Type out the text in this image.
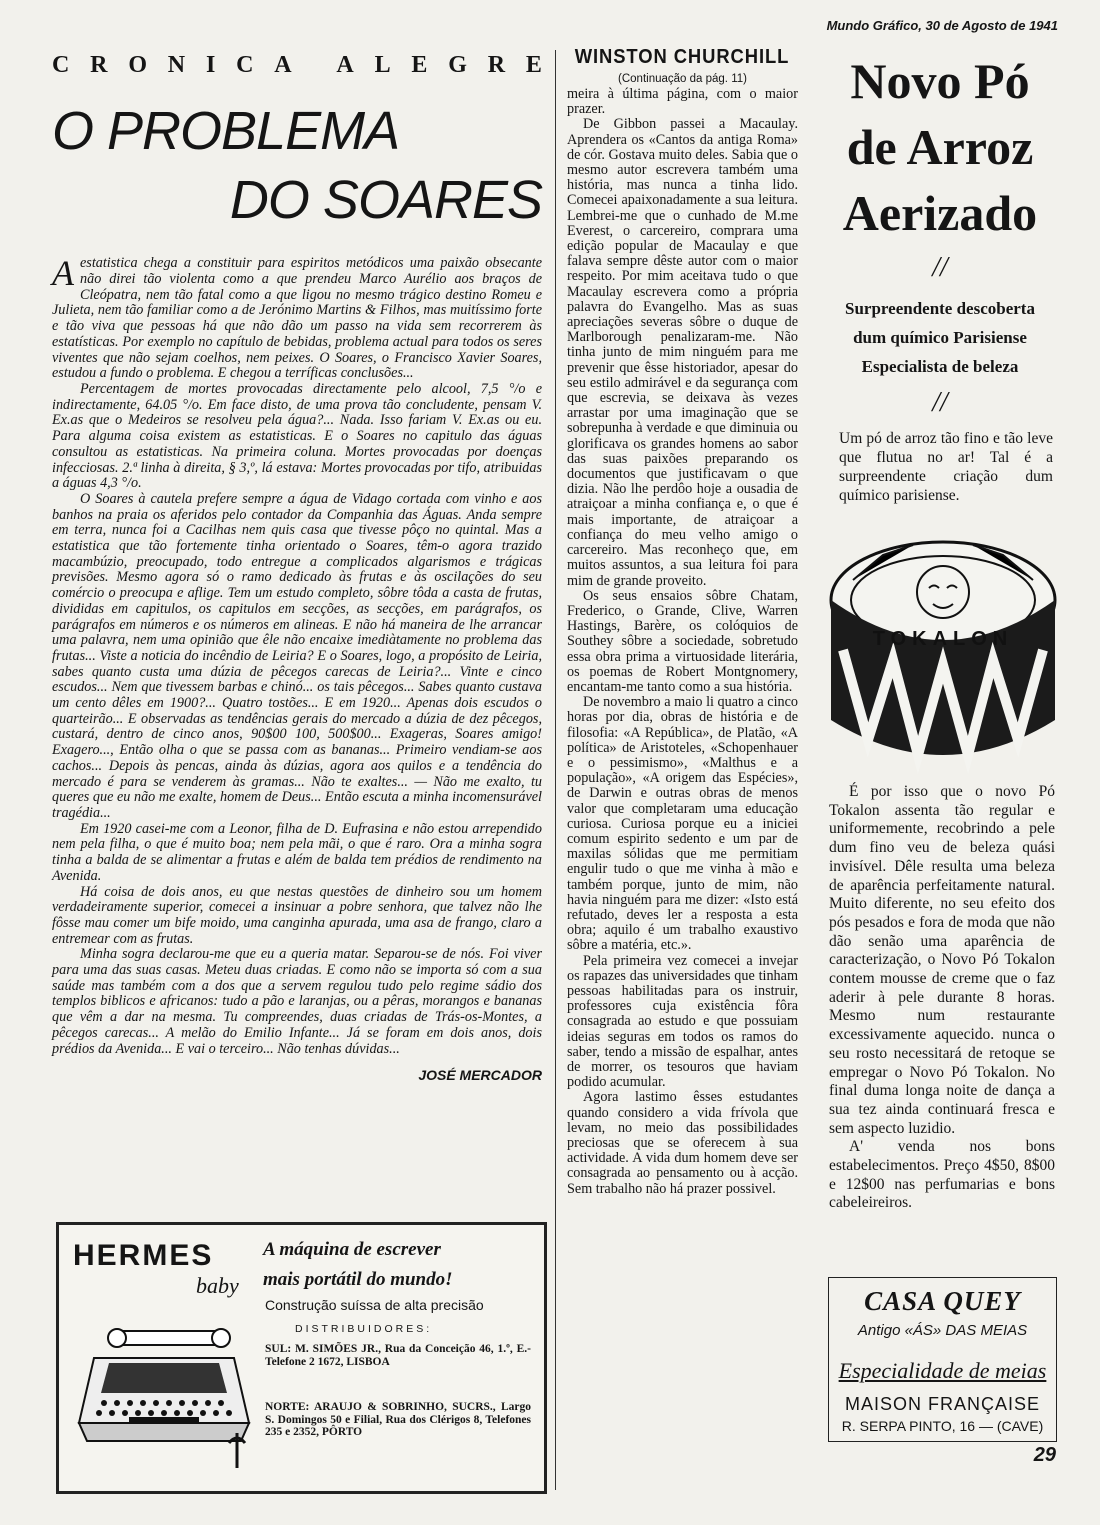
Mundo Gráfico, 30 de Agosto de 1941
C R O N I C A A L E G R E
O PROBLEMA
DO SOARES

A estatistica chega a constituir para espiritos metódicos uma paixão obsecante não direi tão violenta como a que prendeu Marco Aurélio aos braços de Cleópatra, nem tão fatal como a que ligou no mesmo trágico destino Romeu e Julieta, nem tão familiar como a de Jerónimo Martins & Filhos, mas muitíssimo forte e tão viva que pessoas há que não dão um passo na vida sem recorrerem às estatísticas. Por exemplo no capítulo de bebidas, problema actual para todos os seres viventes que não sejam coelhos, nem peixes. O Soares, o Francisco Xavier Soares, estudou a fundo o problema. E chegou a terríficas conclusões...

Percentagem de mortes provocadas directamente pelo alcool, 7,5 °/o e indirectamente, 64.05 °/o. Em face disto, de uma prova tão concludente, pensam V. Ex.as que o Medeiros se resolveu pela água?... Nada. Isso fariam V. Ex.as ou eu. Para alguma coisa existem as estatisticas. E o Soares no capitulo das águas consultou as estatisticas. Na primeira coluna. Mortes provocadas por doenças infecciosas. 2.ª linha à direita, § 3,º, lá estava: Mortes provocadas por tifo, atribuidas a águas 4,3 °/o.

O Soares à cautela prefere sempre a água de Vidago cortada com vinho e aos banhos na praia os aferidos pelo contador da Companhia das Águas. Anda sempre em terra, nunca foi a Cacilhas nem quis casa que tivesse pôço no quintal. Mas a estatistica que tão fortemente tinha orientado o Soares, têm-o agora trazido macambúzio, preocupado, todo entregue a complicados algarismos e trágicas previsões. Mesmo agora só o ramo dedicado às frutas e às oscilações do seu comércio o preocupa e aflige. Tem um estudo completo, sôbre tôda a casta de frutas, divididas em capitulos, os capitulos em secções, as secções, em parágrafos, os parágrafos em números e os números em alineas. E não há maneira de lhe arrancar uma palavra, nem uma opinião que êle não encaixe imediàtamente no problema das frutas... Viste a noticia do incêndio de Leiria? E o Soares, logo, a propósito de Leiria, sabes quanto custa uma dúzia de pêcegos carecas de Leiria?... Vinte e cinco escudos... Nem que tivessem barbas e chinó... os tais pêcegos... Sabes quanto custava um cento dêles em 1900?... Quatro tostões... E em 1920... Apenas dois escudos o quarteirão... E observadas as tendências gerais do mercado a dúzia de dez pêcegos, custará, dentro de cinco anos, 90$00 100, 500$00... Exageras, Soares amigo! Exagero..., Então olha o que se passa com as bananas... Primeiro vendiam-se aos cachos... Depois às pencas, ainda às dúzias, agora aos quilos e a tendência do mercado é para se venderem às gramas... Não te exaltes... — Não me exalto, tu queres que eu não me exalte, homem de Deus... Então escuta a minha incomensurável tragédia...

Em 1920 casei-me com a Leonor, filha de D. Eufrasina e não estou arrependido nem pela filha, o que é muito boa; nem pela mãi, o que é raro. Ora a minha sogra tinha a balda de se alimentar a frutas e além de balda tem prédios de rendimento na Avenida.

Há coisa de dois anos, eu que nestas questões de dinheiro sou um homem verdadeiramente superior, comecei a insinuar a pobre senhora, que talvez não lhe fôsse mau comer um bife moido, uma canginha apurada, uma asa de frango, claro a entremear com as frutas.

Minha sogra declarou-me que eu a queria matar. Separou-se de nós. Foi viver para uma das suas casas. Meteu duas criadas. E como não se importa só com a sua saúde mas também com a dos que a servem regulou tudo pelo regime sádio dos templos biblicos e africanos: tudo a pão e laranjas, ou a pêras, morangos e bananas que vêm a dar na mesma. Tu compreendes, duas criadas de Trás-os-Montes, a pêcegos carecas... A melão do Emilio Infante... Já se foram em dois anos, dois prédios da Avenida... E vai o terceiro... Não tenhas dúvidas...

JOSÉ MERCADOR
HERMES
baby
A máquina de escrever
mais portátil do mundo!
Construção suíssa de alta precisão
DISTRIBUIDORES:
SUL: M. SIMÕES JR., Rua da Conceição 46, 1.º, E.-Telefone 2 1672, LISBOA
NORTE: ARAUJO & SOBRINHO, SUCRS., Largo S. Domingos 50 e Filial, Rua dos Clérigos 8, Telefones 235 e 2352, PÔRTO
WINSTON CHURCHILL
(Continuação da pág. 11)

meira à última página, com o maior prazer.

De Gibbon passei a Macaulay. Aprendera os «Cantos da antiga Roma» de cór. Gostava muito deles. Sabia que o mesmo autor escrevera também uma história, mas nunca a tinha lido. Comecei apaixonadamente a sua leitura. Lembrei-me que o cunhado de M.me Everest, o carcereiro, comprara uma edição popular de Macaulay e que falava sempre dêste autor com o maior respeito. Por mim aceitava tudo o que Macaulay escrevera como a própria palavra do Evangelho. Mas as suas apreciações severas sôbre o duque de Marlborough penalizaram-me. Não tinha junto de mim ninguém para me prevenir que êsse historiador, apesar do seu estilo admirável e da segurança com que escrevia, se deixava às vezes arrastar por uma imaginação que se sobrepunha à verdade e que diminuia ou glorificava os grandes homens ao sabor das suas paixões preparando os documentos que justificavam o que dizia. Não lhe perdôo hoje a ousadia de atraiçoar a minha confiança e, o que é mais importante, de atraiçoar a confiança do meu velho amigo o carcereiro. Mas reconheço que, em muitos assuntos, a sua leitura foi para mim de grande proveito.

Os seus ensaios sôbre Chatam, Frederico, o Grande, Clive, Warren Hastings, Barère, os colóquios de Southey sôbre a sociedade, sobretudo essa obra prima a virtuosidade literária, os poemas de Robert Montgnomery, encantam-me tanto como a sua história.

De novembro a maio li quatro a cinco horas por dia, obras de história e de filosofia: «A República», de Platão, «A política» de Aristoteles, «Schopenhauer e o pessimismo», «Malthus e a população», «A origem das Espécies», de Darwin e outras obras de menos valor que completaram uma educação curiosa. Curiosa porque eu a iniciei comum espirito sedento e um par de maxilas sólidas que me permitiam engulir tudo o que me vinha à mão e também porque, junto de mim, não havia ninguém para me dizer: «Isto está refutado, deves ler a resposta a esta obra; aquilo é um trabalho exaustivo sôbre a matéria, etc.».

Pela primeira vez comecei a invejar os rapazes das universidades que tinham pessoas habilitadas para os instruir, professores cuja existência fôra consagrada ao estudo e que possuiam ideias seguras em todos os ramos do saber, tendo a missão de espalhar, antes de morrer, os tesouros que haviam podido acumular.

Agora lastimo êsses estudantes quando considero a vida frívola que levam, no meio das possibilidades preciosas que se oferecem à sua actividade. A vida dum homem deve ser consagrada ao pensamento ou à acção. Sem trabalho não há prazer possivel.

Novo Pó
de Arroz
Aerizado
//
Surpreendente descoberta
dum químico Parisiense
Especialista de beleza
//
Um pó de arroz tão fino e tão leve que flutua no ar! Tal é a surpreendente criação dum químico parisiense.

É por isso que o novo Pó Tokalon assenta tão regular e uniformemente, recobrindo a pele dum fino veu de beleza quási invisível. Dêle resulta uma beleza de aparência perfeitamente natural. Muito diferente, no seu efeito dos pós pesados e fora de moda que não dão senão uma aparência de caracterização, o Novo Pó Tokalon contem mousse de creme que o faz aderir à pele durante 8 horas. Mesmo num restaurante excessivamente aquecido. nunca o seu rosto necessitará de retoque se empregar o Novo Pó Tokalon. No final duma longa noite de dança a sua tez ainda continuará fresca e sem aspecto luzidio.

A' venda nos bons estabelecimentos. Preço 4$50, 8$00 e 12$00 nas perfumarias e bons cabeleireiros.

TOKALON
CASA QUEY
Antigo «ÁS» DAS MEIAS
Especialidade de meias
MAISON FRANÇAISE
R. SERPA PINTO, 16 — (CAVE)
29
